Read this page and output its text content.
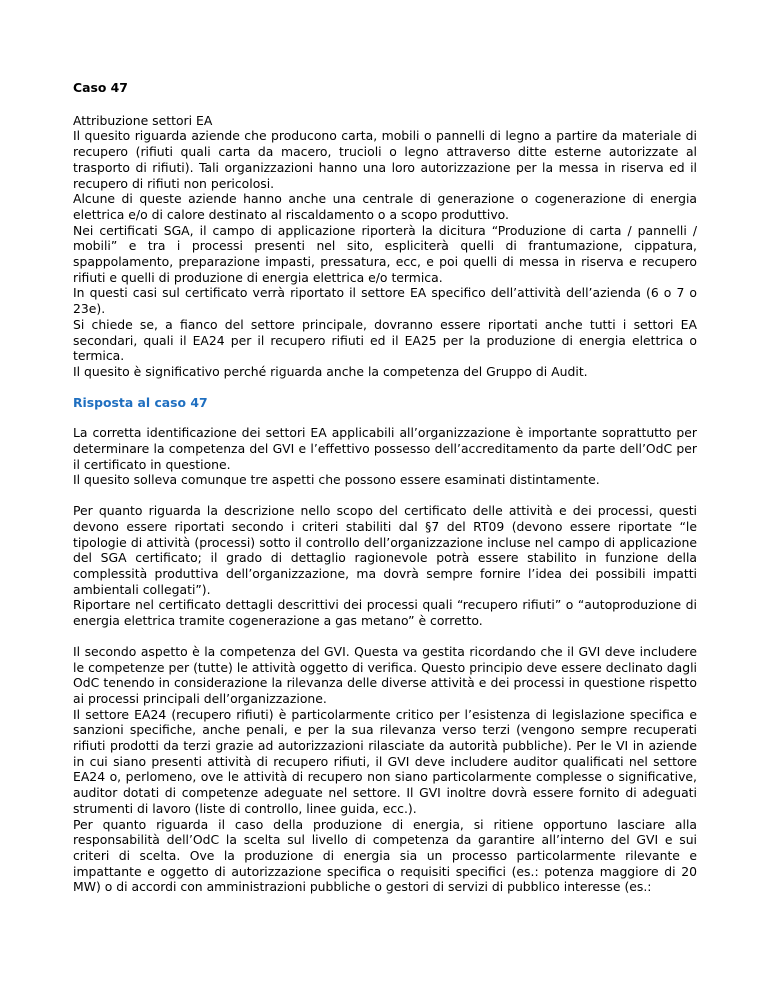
Caso 47

Attribuzione settori EA

Il quesito riguarda aziende che producono carta, mobili o pannelli di legno a partire da materiale di recupero (rifiuti quali carta da macero, trucioli o legno attraverso ditte esterne autorizzate al trasporto di rifiuti). Tali organizzazioni hanno una loro autorizzazione per la messa in riserva ed il recupero di rifiuti non pericolosi.

Alcune di queste aziende hanno anche una centrale di generazione o cogenerazione di energia elettrica e/o di calore destinato al riscaldamento o a scopo produttivo.

Nei certificati SGA, il campo di applicazione riporterà la dicitura “Produzione di carta / pannelli / mobili” e tra i processi presenti nel sito, espliciterà quelli di frantumazione, cippatura, spappolamento, preparazione impasti, pressatura, ecc, e poi quelli di messa in riserva e recupero rifiuti e quelli di produzione di energia elettrica e/o termica.

In questi casi sul certificato verrà riportato il settore EA specifico dell’attività dell’azienda (6 o 7 o 23e).

Si chiede se, a fianco del settore principale, dovranno essere riportati anche tutti i settori EA secondari, quali il EA24 per il recupero rifiuti ed il EA25 per la produzione di energia elettrica o termica.

Il quesito è significativo perché riguarda anche la competenza del Gruppo di Audit.

Risposta al caso 47

La corretta identificazione dei settori EA applicabili all’organizzazione è importante soprattutto per determinare la competenza del GVI e l’effettivo possesso dell’accreditamento da parte dell’OdC per il certificato in questione.

Il quesito solleva comunque tre aspetti che possono essere esaminati distintamente.

Per quanto riguarda la descrizione nello scopo del certificato delle attività e dei processi, questi devono essere riportati secondo i criteri stabiliti dal §7 del RT09 (devono essere riportate “le tipologie di attività (processi) sotto il controllo dell’organizzazione incluse nel campo di applicazione del SGA certificato; il grado di dettaglio ragionevole potrà essere stabilito in funzione della complessità produttiva dell’organizzazione, ma dovrà sempre fornire l’idea dei possibili impatti ambientali collegati”).

Riportare nel certificato dettagli descrittivi dei processi quali “recupero rifiuti” o “autoproduzione di energia elettrica tramite cogenerazione a gas metano” è corretto.

Il secondo aspetto è la competenza del GVI. Questa va gestita ricordando che il GVI deve includere le competenze per (tutte) le attività oggetto di verifica. Questo principio deve essere declinato dagli OdC tenendo in considerazione la rilevanza delle diverse attività e dei processi in questione rispetto ai processi principali dell’organizzazione.

Il settore EA24 (recupero rifiuti) è particolarmente critico per l’esistenza di legislazione specifica e sanzioni specifiche, anche penali, e per la sua rilevanza verso terzi (vengono sempre recuperati rifiuti prodotti da terzi grazie ad autorizzazioni rilasciate da autorità pubbliche). Per le VI in aziende in cui siano presenti attività di recupero rifiuti, il GVI deve includere auditor qualificati nel settore EA24 o, perlomeno, ove le attività di recupero non siano particolarmente complesse o significative, auditor dotati di competenze adeguate nel settore. Il GVI inoltre dovrà essere fornito di adeguati strumenti di lavoro (liste di controllo, linee guida, ecc.).

Per quanto riguarda il caso della produzione di energia, si ritiene opportuno lasciare alla responsabilità dell’OdC la scelta sul livello di competenza da garantire all’interno del GVI e sui criteri di scelta. Ove la produzione di energia sia un processo particolarmente rilevante e impattante e oggetto di autorizzazione specifica o requisiti specifici (es.: potenza maggiore di 20 MW) o di accordi con amministrazioni pubbliche o gestori di servizi di pubblico interesse (es.:
